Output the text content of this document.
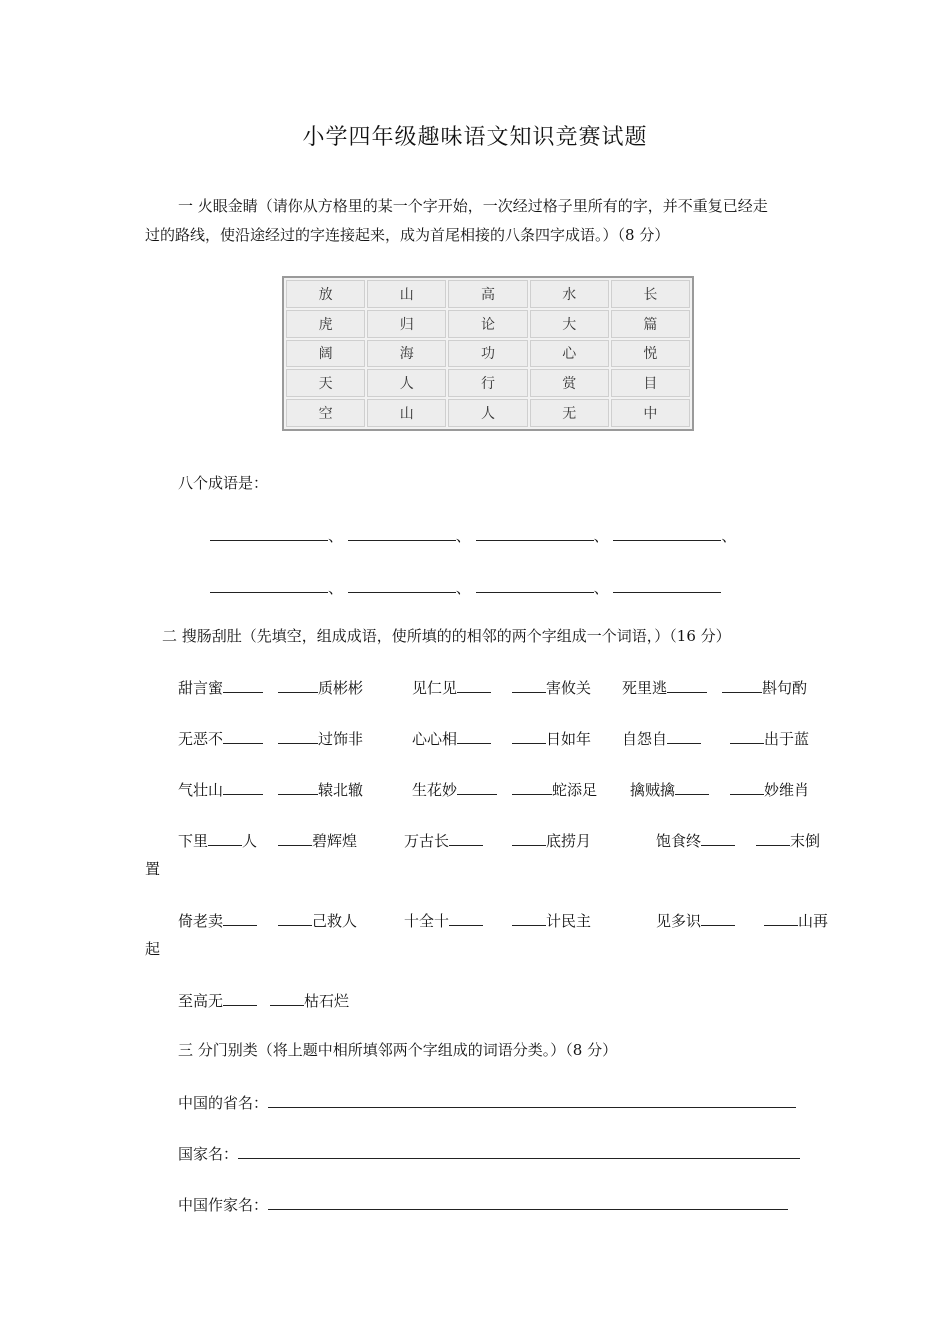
小学四年级趣味语文知识竞赛试题
一 火眼金睛（请你从方格里的某一个字开始，一次经过格子里所有的字，并不重复已经走
过的路线，使沿途经过的字连接起来，成为首尾相接的八条四字成语。）（8 分）
放	山	高	水	长
虎	归	论	大	篇
阔	海	功	心	悦
天	人	行	赏	目
空	山	人	无	中
八个成语是：
、	、	、	、
、	、	、
二 搜肠刮肚（先填空，组成成语，使所填的的相邻的两个字组成一个词语，）（16 分）
甜言蜜	质彬彬	见仁见	害攸关 死里逃	斟句酌
无恶不	过饰非	心心相	日如年 自怨自	出于蓝
气壮山	辕北辙	生花妙	蛇添足 擒贼擒	妙维肖
下里 人	碧辉煌	万古长	底捞月	饱食终	末倒
置
倚老卖	己救人	十全十	计民主	见多识	山再
起
至高无	枯石烂
三 分门别类（将上题中相所填邻两个字组成的词语分类。）（8 分）
中国的省名：
国家名：
中国作家名：
